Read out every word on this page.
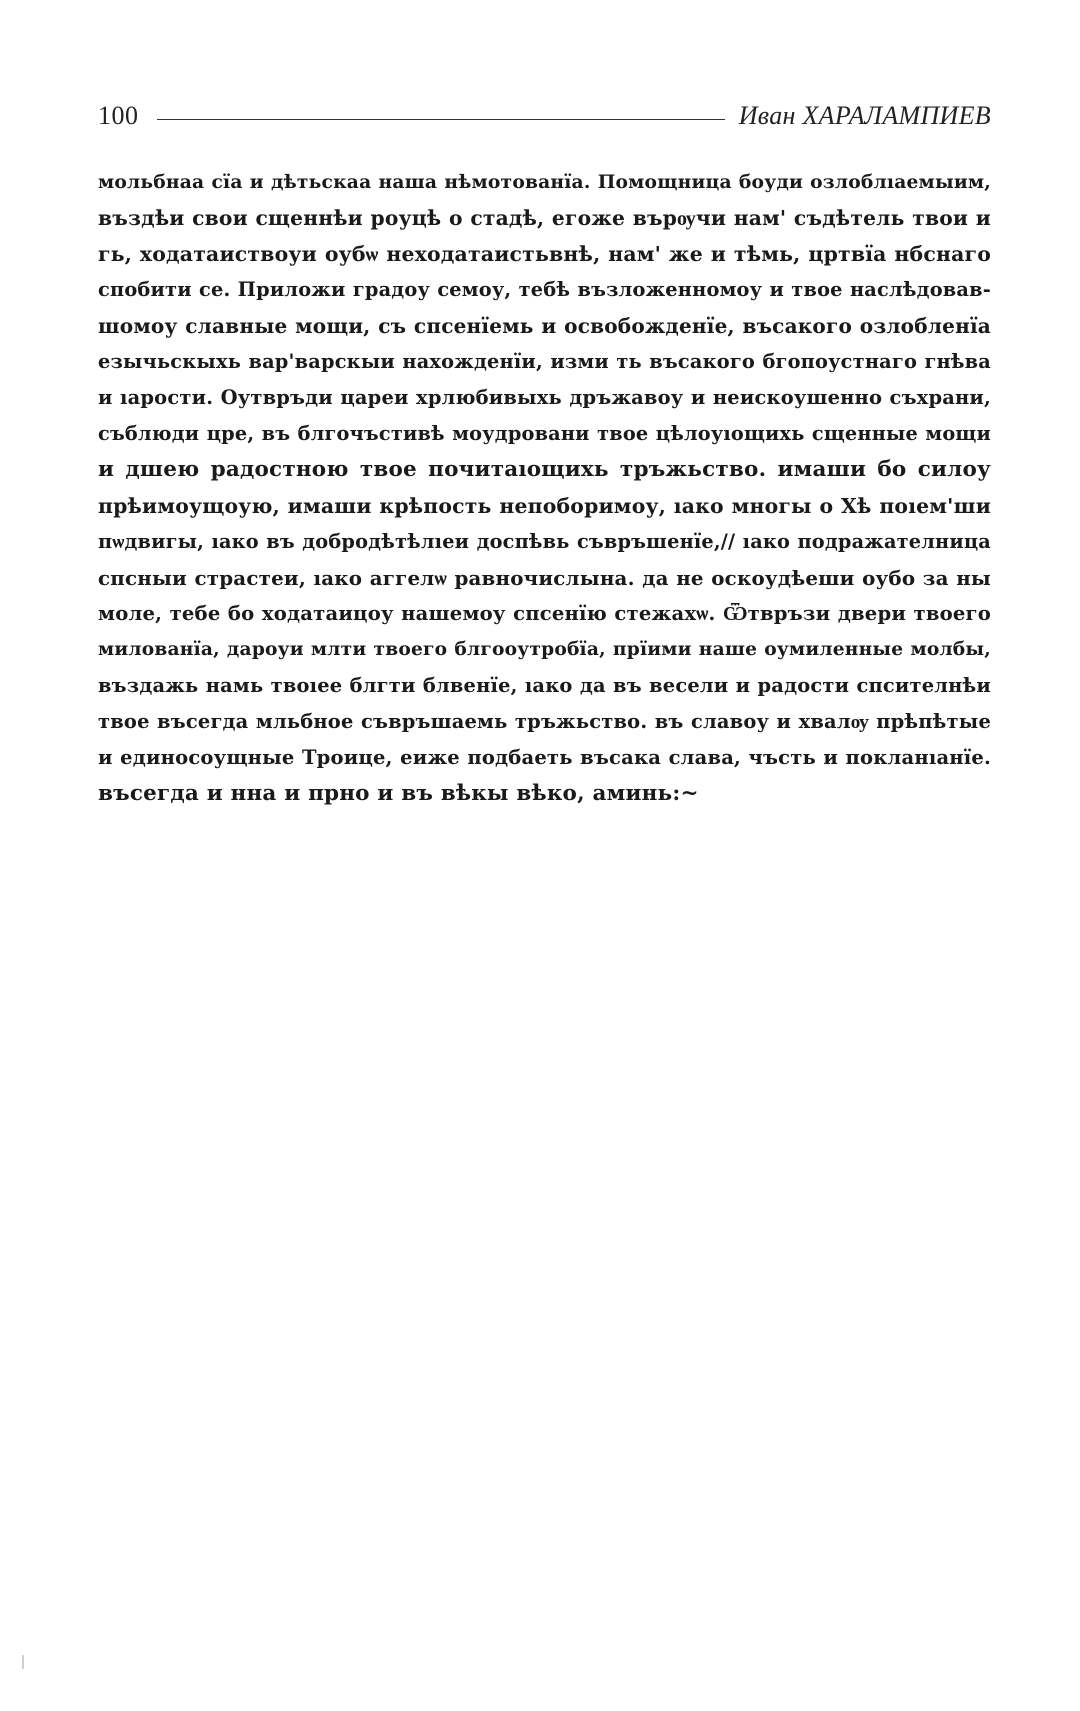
100	Иван ХАРАЛАМПИЕВ
мольбнаа сїа и дѣтьскаа наша нѣмотованїа. Помощница боуди озлоблıаемыим,
въздѣи свои сщеннѣи роуцѣ о стадѣ, егоже върѹчи нам' съдѣтель твои и
гь, ходатаиствоуи оубѡ неходатаистьвнѣ, нам' же и тѣмь, цртвїа нбснаго
спобити се. Приложи градоу семоу, тебѣ възложенномоу и твое наслѣдовав-
шомоу славные мощи, съ спсенїемь и освобожденїе, въсакого озлобленїа
езычьскыхь вар'варскыи нахожденїи, изми ть въсакого бгопоустнаго гнѣва
и ıарости. Оутвръди цареи хрлюбивыхь дръжавоу и неискоушенно съхрани,
съблюди цре, въ блгочъстивѣ моудровани твое цѣлоуıощихь сщенные мощи
и дшею радостною твое почитаıощихь тръжьство. имаши бо силоу
прѣимоущоую, имаши крѣпость непоборимоу, ıако многы о Хѣ поıем'ши
пѡдвигы, ıако въ добродѣтѣлıеи доспѣвь съвръшенїе,// ıако подражателница
спсныи страстеи, ıако аггелѡ равночислына. да не оскоудѣеши оубо за ны
моле, тебе бо ходатаицоу нашемоу спсенїю стежахѡ. Ѿтвръзи двери твоего
милованїа, дароуи млти твоего блгооутробїа, прїими наше оумиленные молбы,
въздажь намь твоıее блгти блвенїе, ıако да въ весели и радости спсителнѣи
твое въсегда мльбное съвръшаемь тръжьство. въ славоу и хвалѹ прѣпѣтые
и единосоущные Троице, еиже подбаеть въсака слава, чъсть и покланıанїе.
въсегда и нна и прно и въ вѣкы вѣко, аминь:~
